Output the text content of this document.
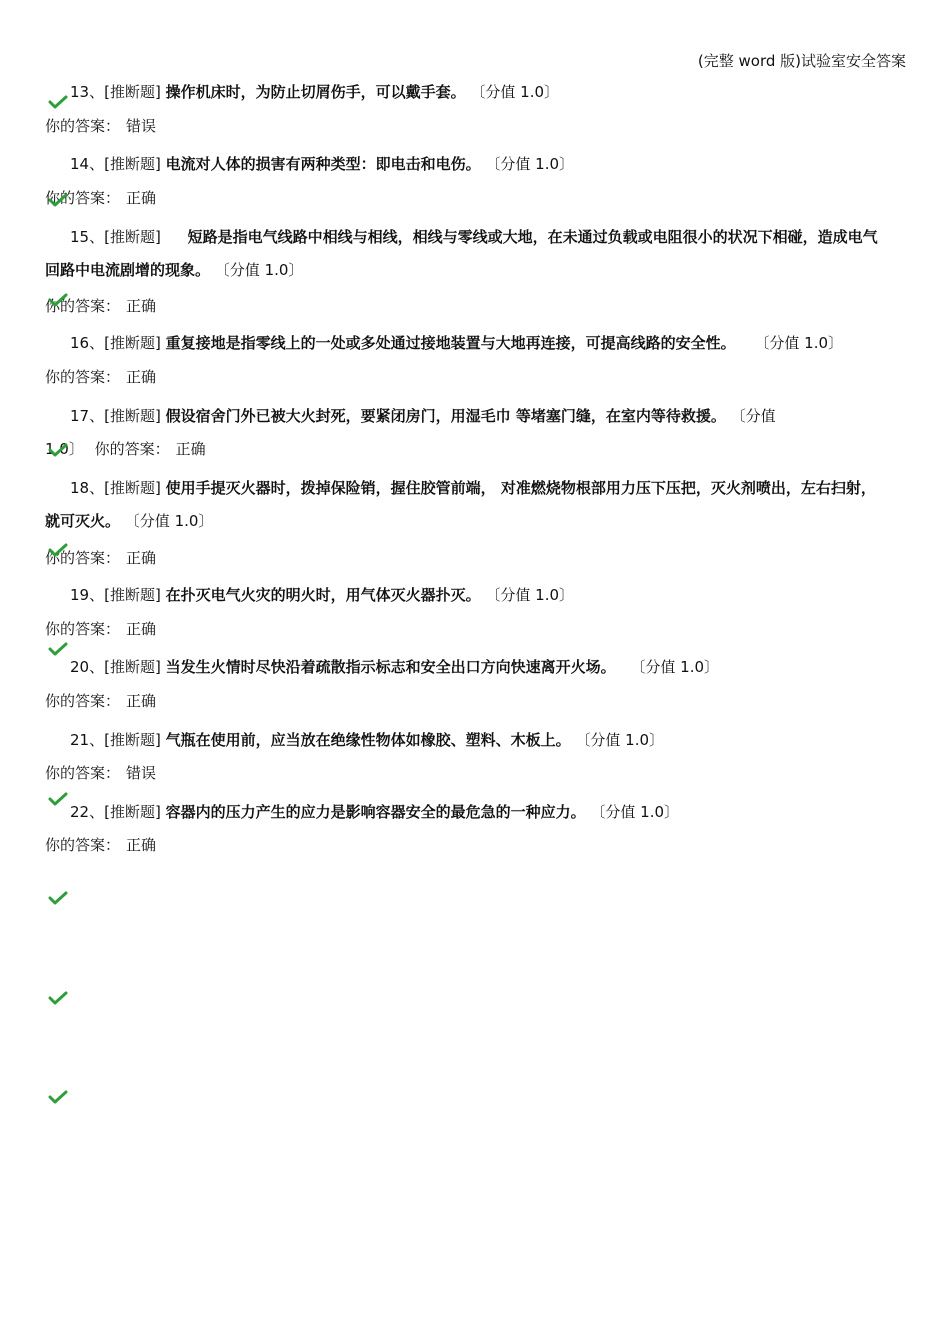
(完整 word 版)试验室安全答案
13、[推断题] 操作机床时，为防止切屑伤手，可以戴手套。 〔分值 1.0〕
你的答案： 错误
14、[推断题] 电流对人体的损害有两种类型：即电击和电伤。 〔分值 1.0〕
你的答案： 正确
15、[推断题] 短路是指电气线路中相线与相线，相线与零线或大地，在未通过负载或电阻很小的状况下相碰，造成电气
回路中电流剧增的现象。 〔分值 1.0〕
你的答案： 正确
16、[推断题] 重复接地是指零线上的一处或多处通过接地装置与大地再连接，可提高线路的安全性。 〔分值 1.0〕
你的答案： 正确
17、[推断题] 假设宿舍门外已被大火封死，要紧闭房门，用湿毛巾 等堵塞门缝，在室内等待救援。 〔分值
1.0〕 你的答案： 正确
18、[推断题] 使用手提灭火器时，拨掉保险销，握住胶管前端， 对准燃烧物根部用力压下压把，灭火剂喷出，左右扫射，
就可灭火。 〔分值 1.0〕
你的答案： 正确
19、[推断题] 在扑灭电气火灾的明火时，用气体灭火器扑灭。 〔分值 1.0〕
你的答案： 正确
20、[推断题] 当发生火情时尽快沿着疏散指示标志和安全出口方向快速离开火场。 〔分值 1.0〕
你的答案： 正确
21、[推断题] 气瓶在使用前，应当放在绝缘性物体如橡胶、塑料、木板上。 〔分值 1.0〕
你的答案： 错误
22、[推断题] 容器内的压力产生的应力是影响容器安全的最危急的一种应力。 〔分值 1.0〕
你的答案： 正确
